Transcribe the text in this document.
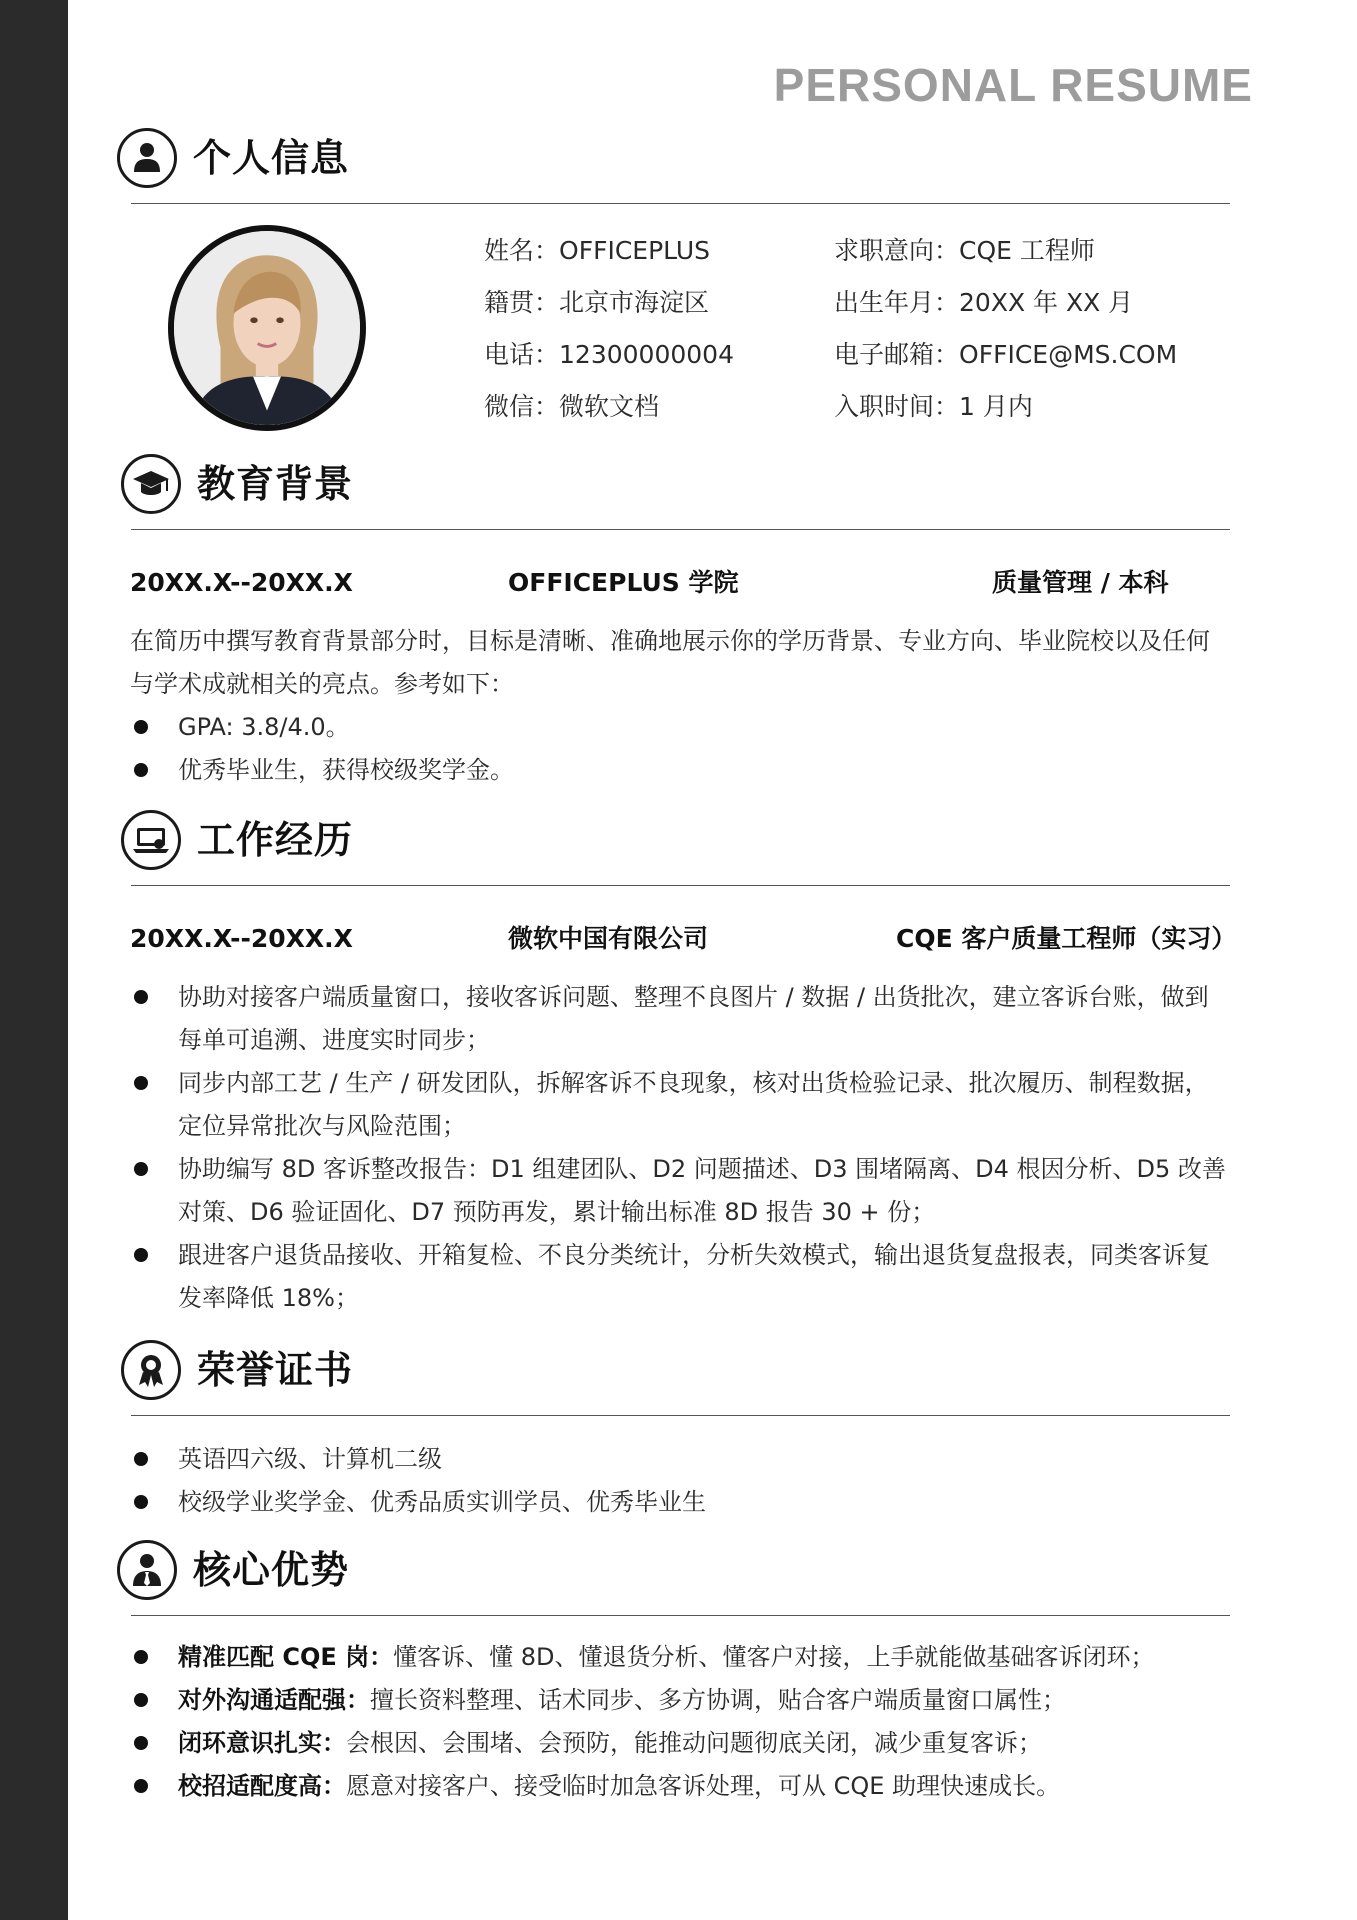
PERSONAL RESUME
个人信息
姓名：OFFICEPLUS
籍贯：北京市海淀区
电话：12300000004
微信：微软文档
求职意向：CQE 工程师
出生年月：20XX 年 XX 月
电子邮箱：OFFICE@MS.COM
入职时间：1 月内
教育背景
20XX.X--20XX.X	OFFICEPLUS 学院	质量管理 / 本科

在简历中撰写教育背景部分时，目标是清晰、准确地展示你的学历背景、专业方向、毕业院校以及任何与学术成就相关的亮点。参考如下：

GPA: 3.8/4.0。
优秀毕业生，获得校级奖学金。
工作经历
20XX.X--20XX.X	微软中国有限公司	CQE 客户质量工程师（实习）
协助对接客户端质量窗口，接收客诉问题、整理不良图片 / 数据 / 出货批次，建立客诉台账，做到每单可追溯、进度实时同步；
同步内部工艺 / 生产 / 研发团队，拆解客诉不良现象，核对出货检验记录、批次履历、制程数据，定位异常批次与风险范围；
协助编写 8D 客诉整改报告：D1 组建团队、D2 问题描述、D3 围堵隔离、D4 根因分析、D5 改善对策、D6 验证固化、D7 预防再发，累计输出标准 8D 报告 30 + 份；
跟进客户退货品接收、开箱复检、不良分类统计，分析失效模式，输出退货复盘报表，同类客诉复发率降低 18%；
荣誉证书
英语四六级、计算机二级
校级学业奖学金、优秀品质实训学员、优秀毕业生
核心优势
精准匹配 CQE 岗：懂客诉、懂 8D、懂退货分析、懂客户对接，上手就能做基础客诉闭环；
对外沟通适配强：擅长资料整理、话术同步、多方协调，贴合客户端质量窗口属性；
闭环意识扎实：会根因、会围堵、会预防，能推动问题彻底关闭，减少重复客诉；
校招适配度高：愿意对接客户、接受临时加急客诉处理，可从 CQE 助理快速成长。
